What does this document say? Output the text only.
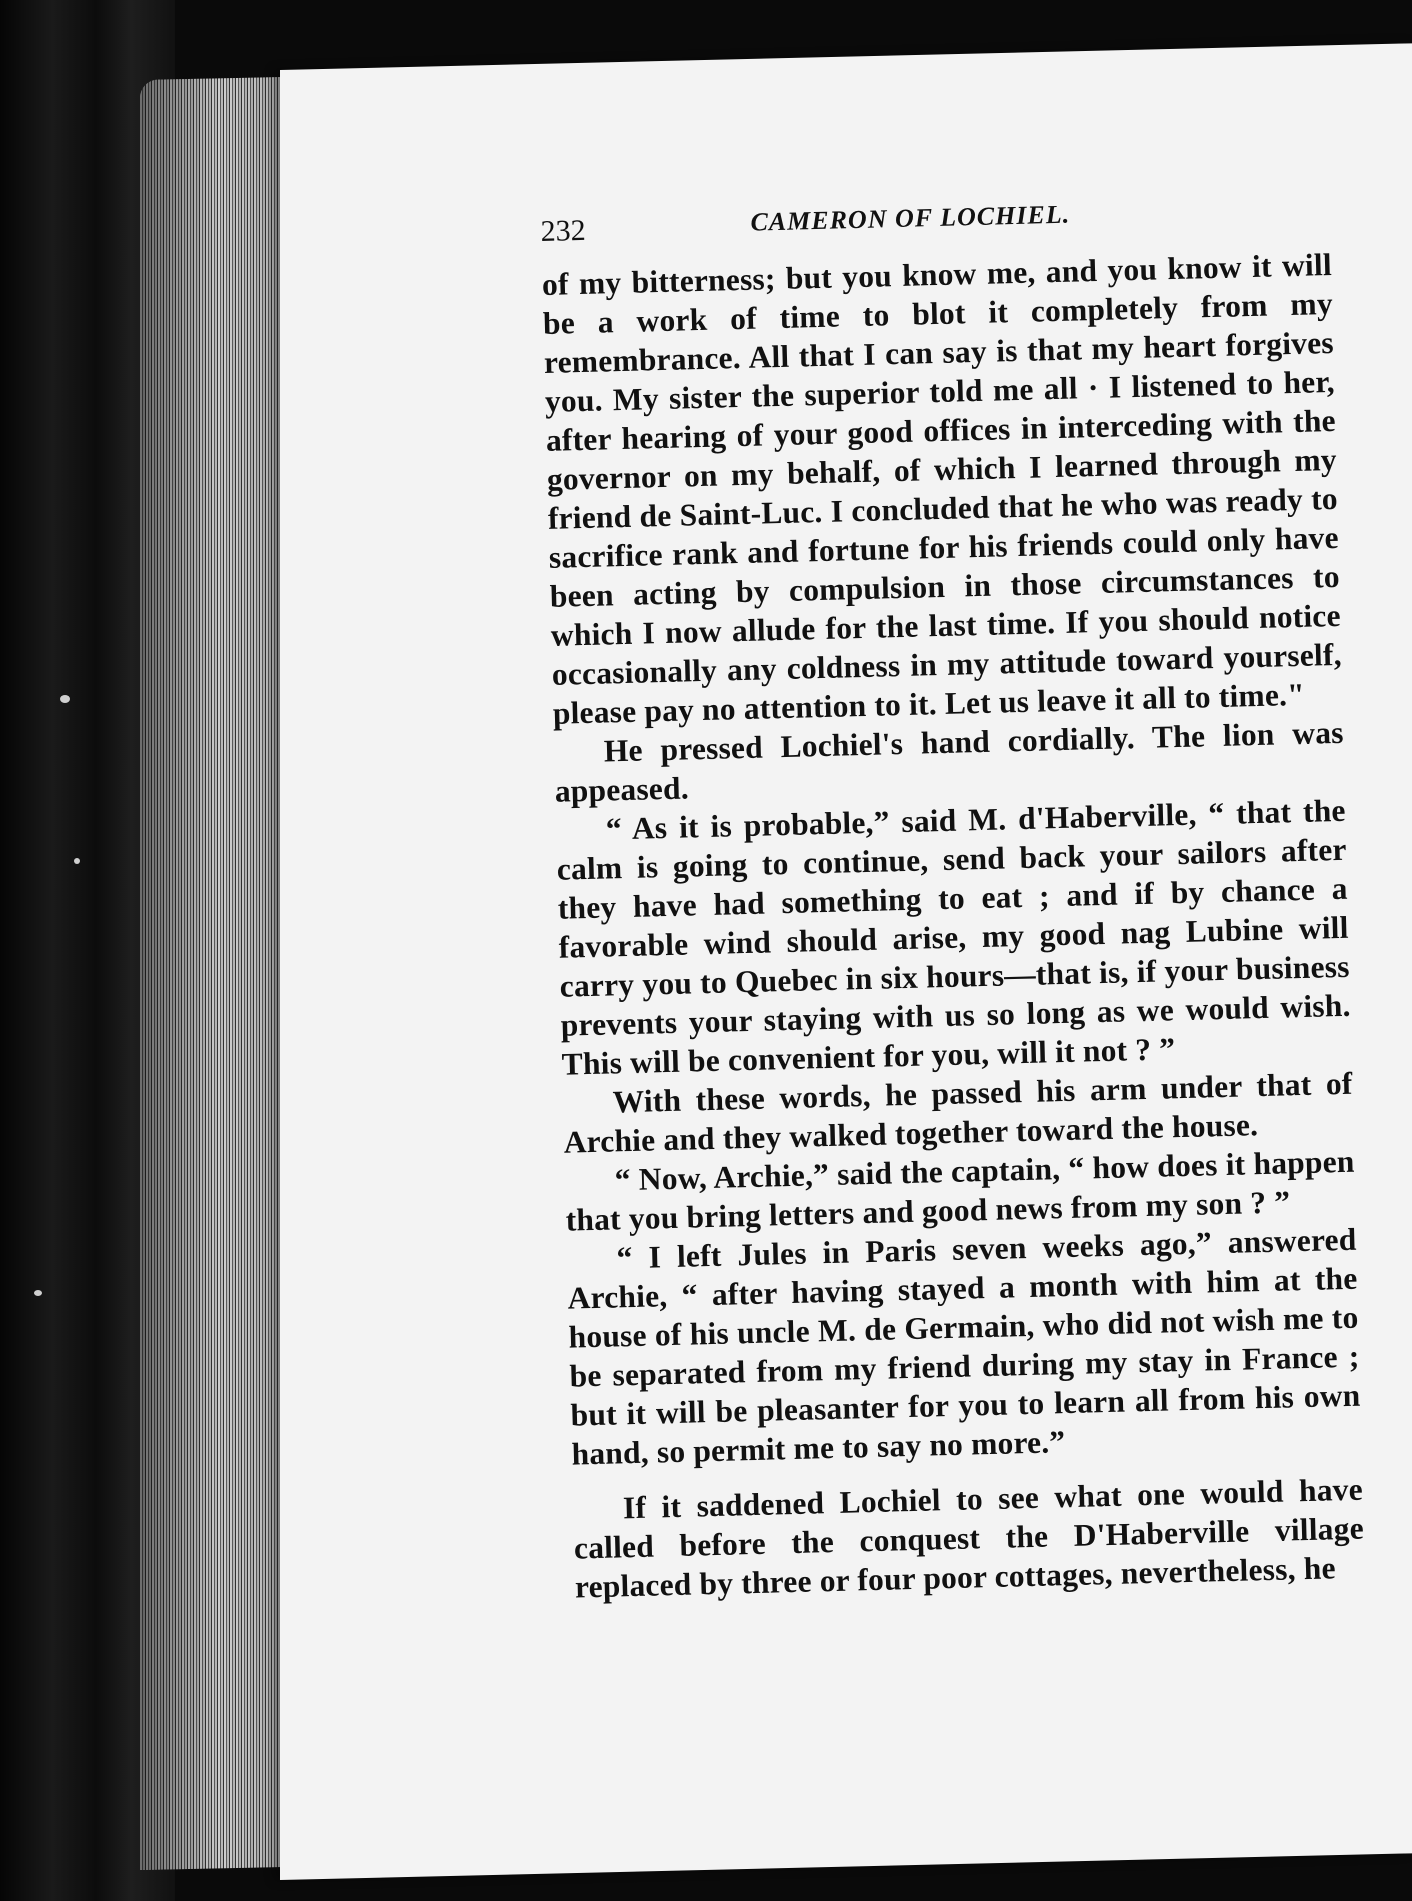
232	CAMERON OF LOCHIEL.

of my bitterness; but you know me, and you know it will be a work of time to blot it completely from my remembrance. All that I can say is that my heart forgives you. My sister the superior told me all · I listened to her, after hearing of your good offices in interceding with the governor on my behalf, of which I learned through my friend de Saint-Luc. I concluded that he who was ready to sacrifice rank and fortune for his friends could only have been acting by compulsion in those circumstances to which I now allude for the last time. If you should notice occasionally any coldness in my attitude toward yourself, please pay no attention to it. Let us leave it all to time."

He pressed Lochiel's hand cordially. The lion was appeased.

“ As it is probable,” said M. d'Haberville, “ that the calm is going to continue, send back your sailors after they have had something to eat ; and if by chance a favorable wind should arise, my good nag Lubine will carry you to Quebec in six hours—that is, if your business prevents your staying with us so long as we would wish. This will be convenient for you, will it not ? ”

With these words, he passed his arm under that of Archie and they walked together toward the house.

“ Now, Archie,” said the captain, “ how does it happen that you bring letters and good news from my son ? ”

“ I left Jules in Paris seven weeks ago,” answered Archie, “ after having stayed a month with him at the house of his uncle M. de Germain, who did not wish me to be separated from my friend during my stay in France ; but it will be pleasanter for you to learn all from his own hand, so permit me to say no more.”

If it saddened Lochiel to see what one would have called before the conquest the D'Haberville village replaced by three or four poor cottages, nevertheless, he
